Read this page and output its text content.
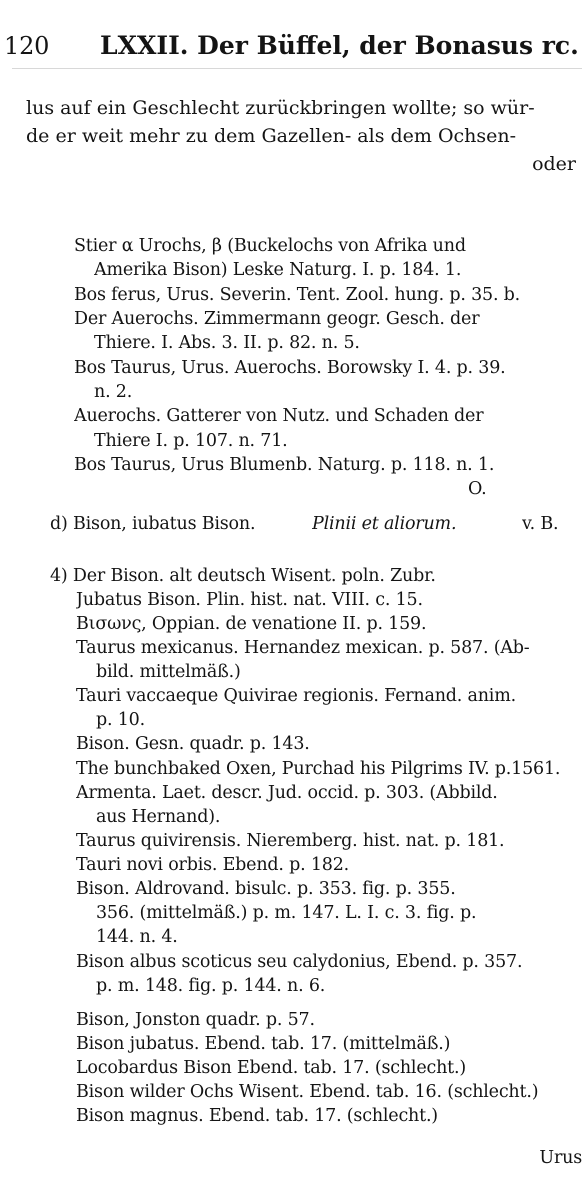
120	LXXII. Der Büffel, der Bonasus rc.
lus auf ein Geschlecht zurückbringen wollte; so wür-
de er weit mehr zu dem Gazellen- als dem Ochsen-
oder
Stier α Urochs, β (Buckelochs von Afrika und
Amerika Bison) Leske Naturg. I. p. 184. 1.
Bos ferus, Urus. Severin. Tent. Zool. hung. p. 35. b.
Der Auerochs. Zimmermann geogr. Gesch. der
Thiere. I. Abs. 3. II. p. 82. n. 5.
Bos Taurus, Urus. Auerochs. Borowsky I. 4. p. 39.
n. 2.
Auerochs. Gatterer von Nutz. und Schaden der
Thiere I. p. 107. n. 71.
Bos Taurus, Urus Blumenb. Naturg. p. 118. n. 1.
O.
d) Bison, iubatus Bison.	Plinii et aliorum.	v. B.
4) Der Bison. alt deutsch Wisent. poln. Zubr.
Jubatus Bison. Plin. hist. nat. VIII. c. 15.
Βισωνς, Oppian. de venatione II. p. 159.
Taurus mexicanus. Hernandez mexican. p. 587. (Ab-
bild. mittelmäß.)
Tauri vaccaeque Quivirae regionis. Fernand. anim.
p. 10.
Bison. Gesn. quadr. p. 143.
The bunchbaked Oxen, Purchad his Pilgrims IV. p.1561.
Armenta. Laet. descr. Jud. occid. p. 303. (Abbild.
aus Hernand).
Taurus quivirensis. Nieremberg. hist. nat. p. 181.
Tauri novi orbis. Ebend. p. 182.
Bison. Aldrovand. bisulc. p. 353. fig. p. 355.
356. (mittelmäß.) p. m. 147. L. I. c. 3. fig. p.
144. n. 4.
Bison albus scoticus seu calydonius, Ebend. p. 357.
p. m. 148. fig. p. 144. n. 6.
Bison, Jonston quadr. p. 57.
Bison jubatus. Ebend. tab. 17. (mittelmäß.)
Locobardus Bison Ebend. tab. 17. (schlecht.)
Bison wilder Ochs Wisent. Ebend. tab. 16. (schlecht.)
Bison magnus. Ebend. tab. 17. (schlecht.)
Urus
